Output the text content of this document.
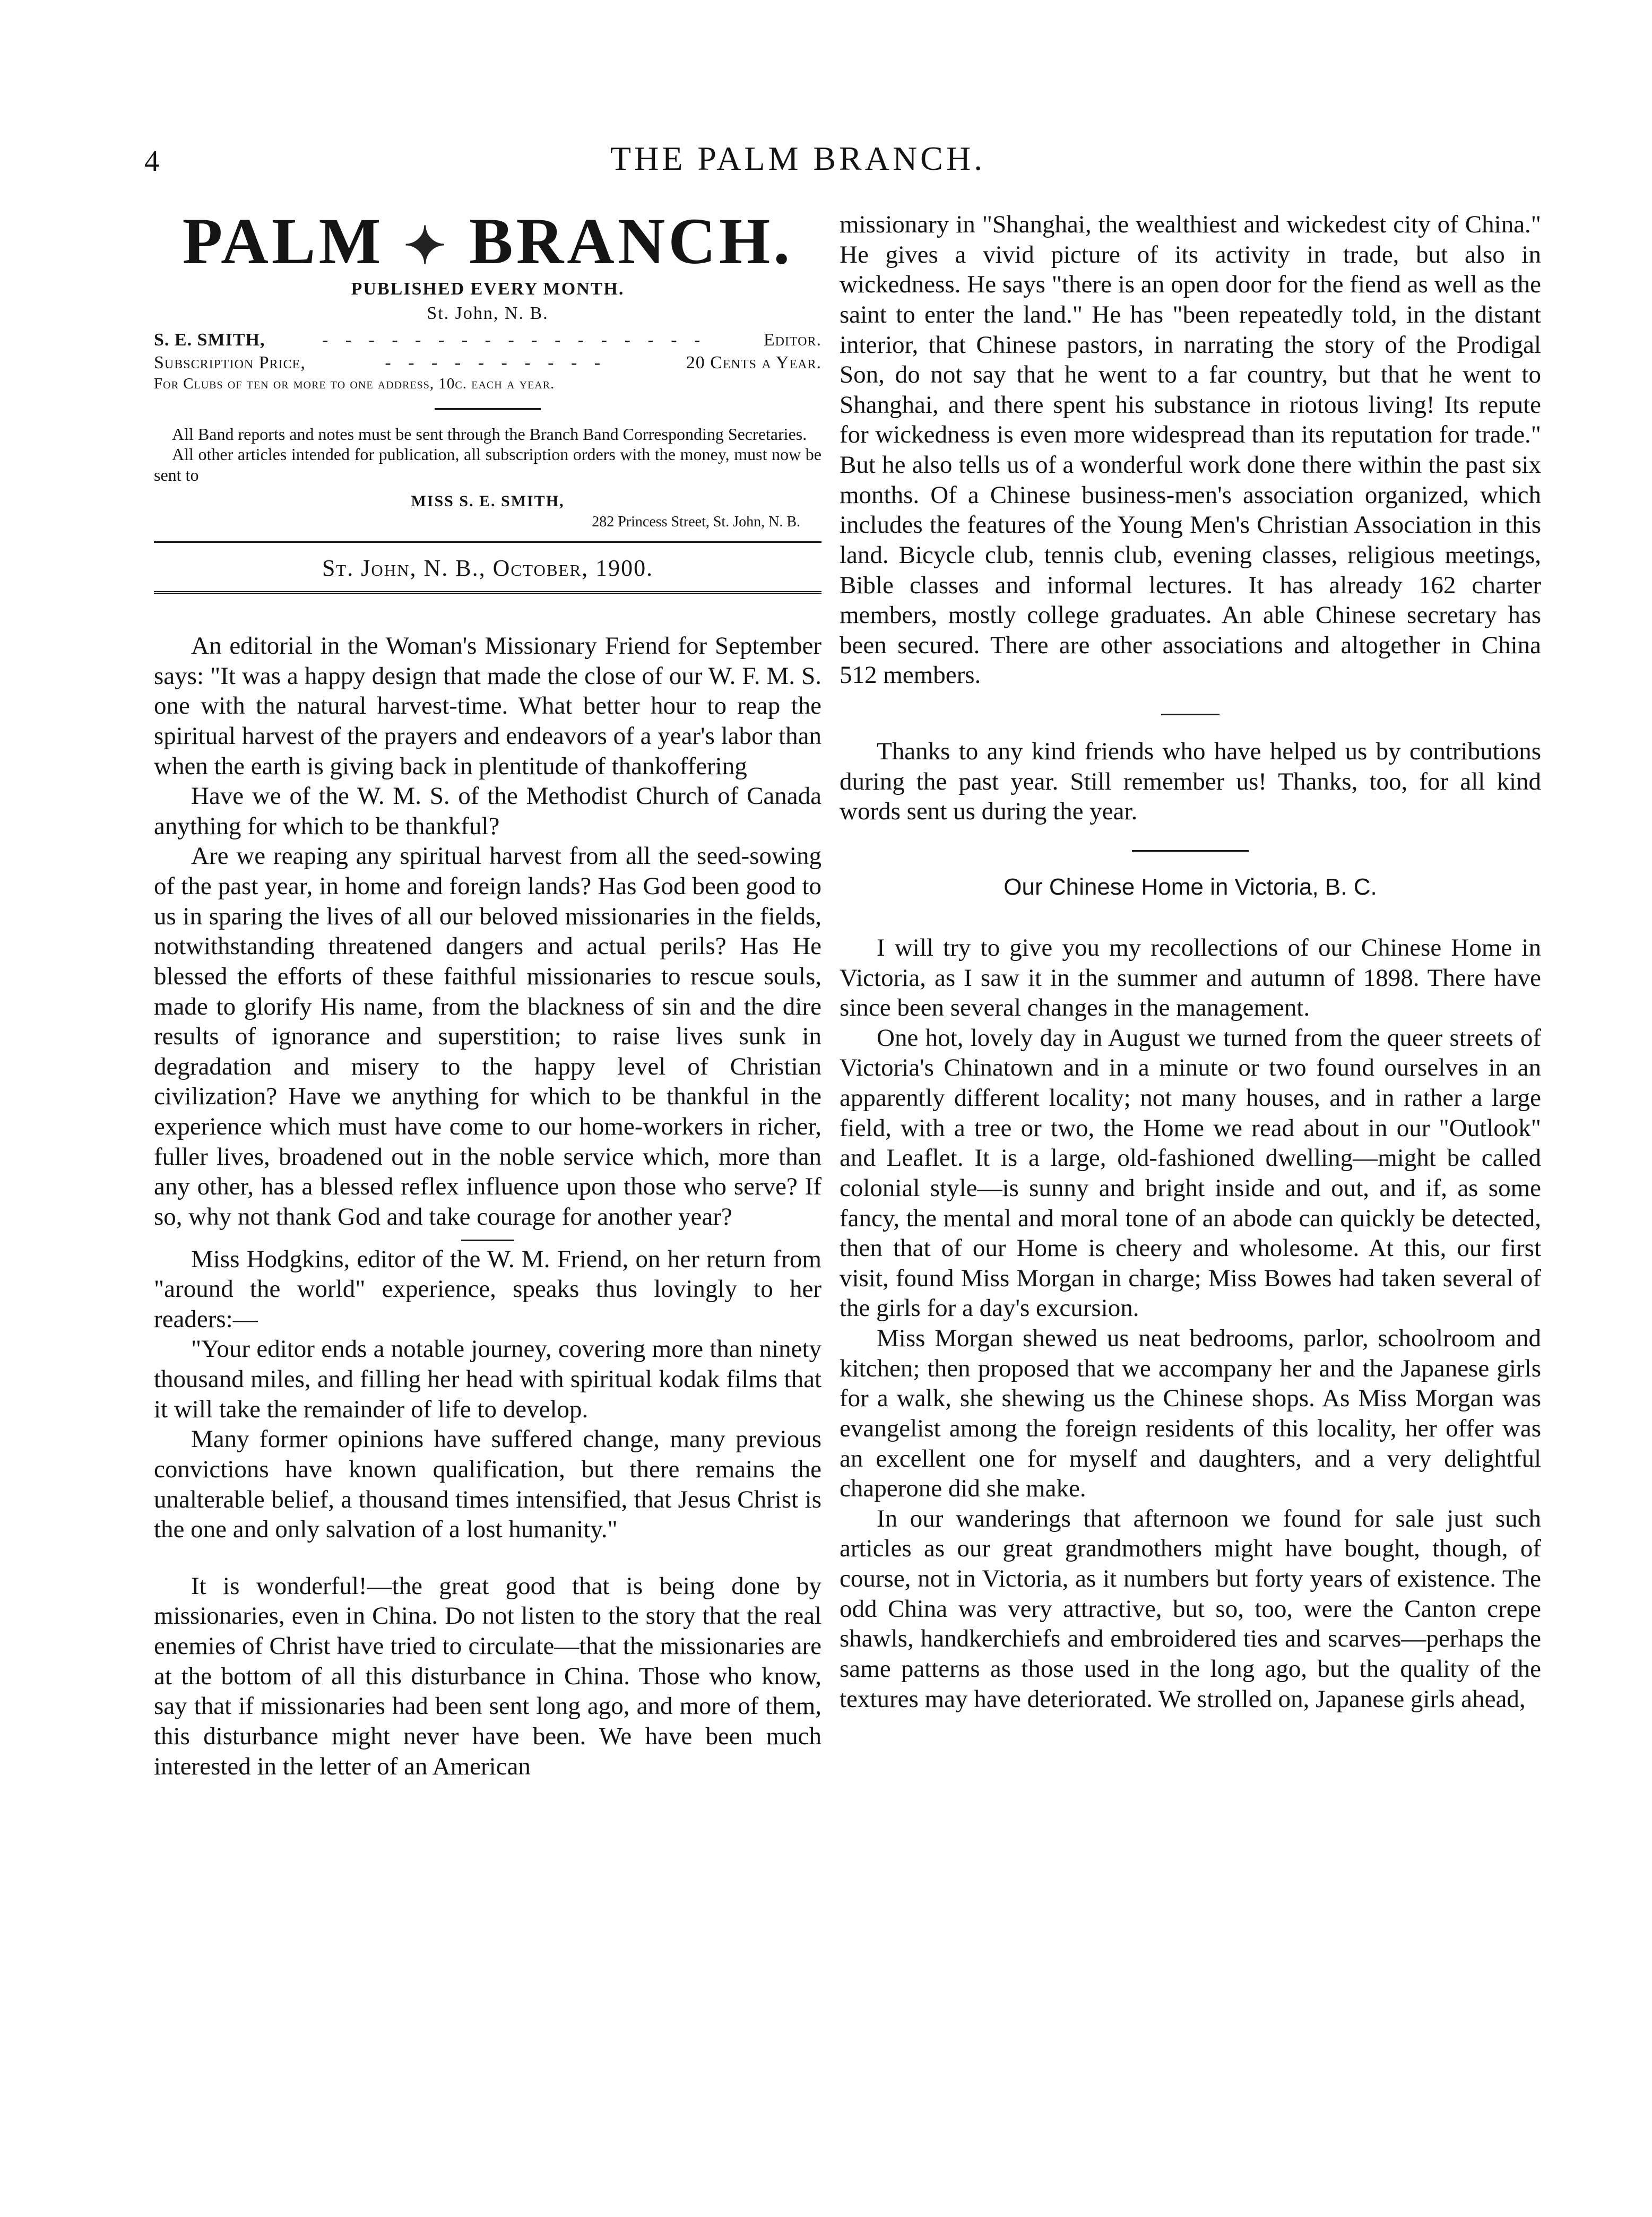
4	THE PALM BRANCH.
PALM ✦ BRANCH.
PUBLISHED EVERY MONTH.
St. John, N. B.
S. E. SMITH,	- - - - - - - - - - - - - - - - -	Editor.
Subscription Price,	- - - - - - - - - -	20 Cents a Year.
For Clubs of ten or more to one address, 10c. each a year.

All Band reports and notes must be sent through the Branch Band Corresponding Secretaries.

All other articles intended for publication, all subscription orders with the money, must now be sent to

MISS S. E. SMITH,
282 Princess Street, St. John, N. B.
St. John, N. B., October, 1900.

An editorial in the Woman's Missionary Friend for September says: "It was a happy design that made the close of our W. F. M. S. one with the natural harvest-time. What better hour to reap the spiritual harvest of the prayers and endeavors of a year's labor than when the earth is giving back in plentitude of thankoffering

Have we of the W. M. S. of the Methodist Church of Canada anything for which to be thankful?

Are we reaping any spiritual harvest from all the seed-sowing of the past year, in home and foreign lands? Has God been good to us in sparing the lives of all our beloved missionaries in the fields, notwithstanding threatened dangers and actual perils? Has He blessed the efforts of these faithful missionaries to rescue souls, made to glorify His name, from the blackness of sin and the dire results of ignorance and superstition; to raise lives sunk in degradation and misery to the happy level of Christian civilization? Have we anything for which to be thankful in the experience which must have come to our home-workers in richer, fuller lives, broadened out in the noble service which, more than any other, has a blessed reflex influence upon those who serve? If so, why not thank God and take courage for another year?

Miss Hodgkins, editor of the W. M. Friend, on her return from "around the world" experience, speaks thus lovingly to her readers:—

"Your editor ends a notable journey, covering more than ninety thousand miles, and filling her head with spiritual kodak films that it will take the remainder of life to develop.

Many former opinions have suffered change, many previous convictions have known qualification, but there remains the unalterable belief, a thousand times intensified, that Jesus Christ is the one and only salvation of a lost humanity."

It is wonderful!—the great good that is being done by missionaries, even in China. Do not listen to the story that the real enemies of Christ have tried to circulate—that the missionaries are at the bottom of all this disturbance in China. Those who know, say that if missionaries had been sent long ago, and more of them, this disturbance might never have been. We have been much interested in the letter of an American

missionary in "Shanghai, the wealthiest and wickedest city of China." He gives a vivid picture of its activity in trade, but also in wickedness. He says "there is an open door for the fiend as well as the saint to enter the land." He has "been repeatedly told, in the distant interior, that Chinese pastors, in narrating the story of the Prodigal Son, do not say that he went to a far country, but that he went to Shanghai, and there spent his substance in riotous living! Its repute for wickedness is even more widespread than its reputation for trade." But he also tells us of a wonderful work done there within the past six months. Of a Chinese business-men's association organized, which includes the features of the Young Men's Christian Association in this land. Bicycle club, tennis club, evening classes, religious meetings, Bible classes and informal lectures. It has already 162 charter members, mostly college graduates. An able Chinese secretary has been secured. There are other associations and altogether in China 512 members.

Thanks to any kind friends who have helped us by contributions during the past year. Still remember us! Thanks, too, for all kind words sent us during the year.

Our Chinese Home in Victoria, B. C.

I will try to give you my recollections of our Chinese Home in Victoria, as I saw it in the summer and autumn of 1898. There have since been several changes in the management.

One hot, lovely day in August we turned from the queer streets of Victoria's Chinatown and in a minute or two found ourselves in an apparently different locality; not many houses, and in rather a large field, with a tree or two, the Home we read about in our "Outlook" and Leaflet. It is a large, old-fashioned dwelling—might be called colonial style—is sunny and bright inside and out, and if, as some fancy, the mental and moral tone of an abode can quickly be detected, then that of our Home is cheery and wholesome. At this, our first visit, found Miss Morgan in charge; Miss Bowes had taken several of the girls for a day's excursion.

Miss Morgan shewed us neat bedrooms, parlor, schoolroom and kitchen; then proposed that we accompany her and the Japanese girls for a walk, she shewing us the Chinese shops. As Miss Morgan was evangelist among the foreign residents of this locality, her offer was an excellent one for myself and daughters, and a very delightful chaperone did she make.

In our wanderings that afternoon we found for sale just such articles as our great grandmothers might have bought, though, of course, not in Victoria, as it numbers but forty years of existence. The odd China was very attractive, but so, too, were the Canton crepe shawls, handkerchiefs and embroidered ties and scarves—perhaps the same patterns as those used in the long ago, but the quality of the textures may have deteriorated. We strolled on, Japanese girls ahead,
